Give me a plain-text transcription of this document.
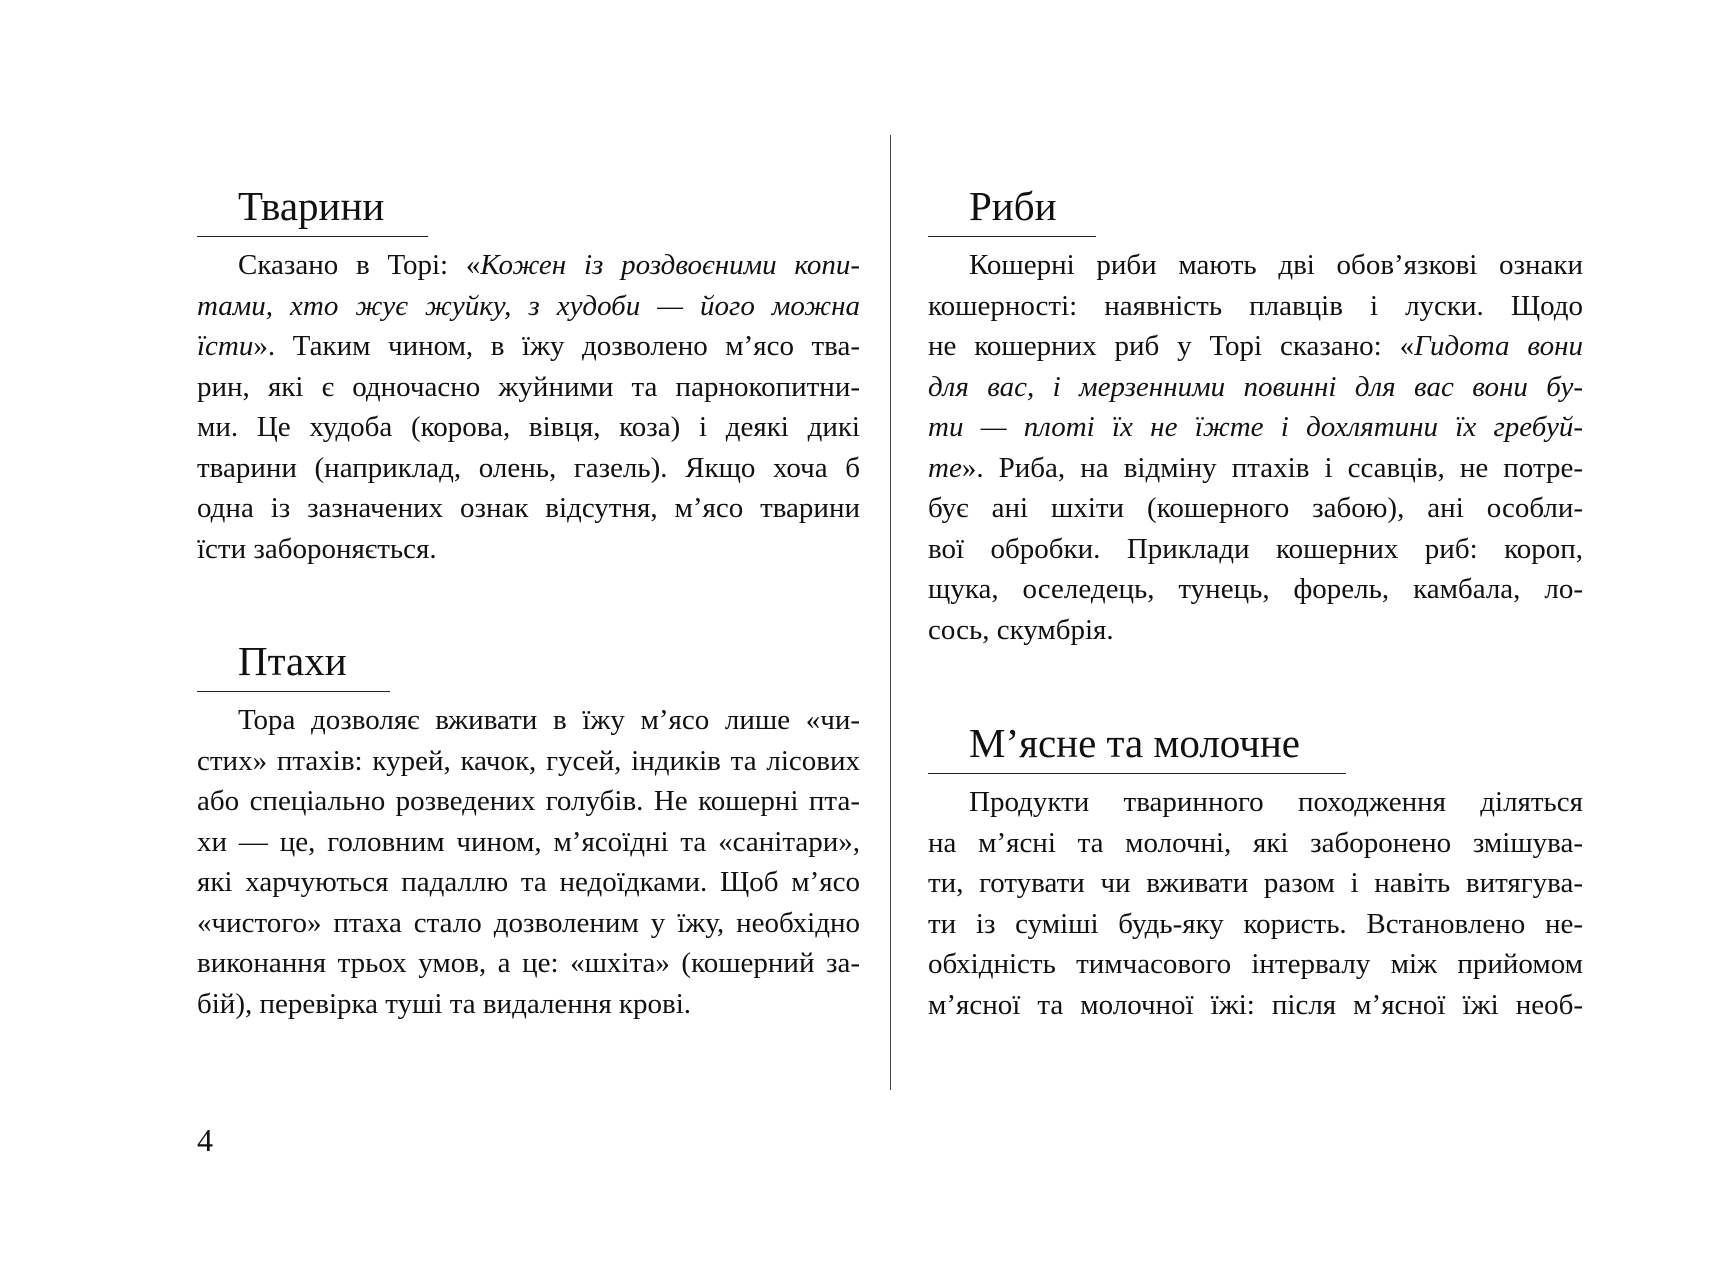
Тварини
Сказано в Торі: «Кожен із роздвоєними копи-
тами, хто жує жуйку, з худоби — його можна
їсти». Таким чином, в їжу дозволено м’ясо тва-
рин, які є одночасно жуйними та парнокопитни-
ми. Це худоба (корова, вівця, коза) і деякі дикі
тварини (наприклад, олень, газель). Якщо хоча б
одна із зазначених ознак відсутня, м’ясо тварини
їсти забороняється.
Птахи
Тора дозволяє вживати в їжу м’ясо лише «чи-
стих» птахів: курей, качок, гусей, індиків та лісових
або спеціально розведених голубів. Не кошерні пта-
хи — це, головним чином, м’ясоїдні та «санітари»,
які харчуються падаллю та недоїдками. Щоб м’ясо
«чистого» птаха стало дозволеним у їжу, необхідно
виконання трьох умов, а це: «шхіта» (кошерний за-
бій), перевірка туші та видалення крові.
Риби
Кошерні риби мають дві обов’язкові ознаки
кошерності: наявність плавців і луски. Щодо
не кошерних риб у Торі сказано: «Гидота вони
для вас, і мерзенними повинні для вас вони бу-
ти — плоті їх не їжте і дохлятини їх гребуй-
те». Риба, на відміну птахів і ссавців, не потре-
бує ані шхіти (кошерного забою), ані особли-
вої обробки. Приклади кошерних риб: короп,
щука, оселедець, тунець, форель, камбала, ло-
сось, скумбрія.
М’ясне та молочне
Продукти тваринного походження діляться
на м’ясні та молочні, які заборонено змішува-
ти, готувати чи вживати разом і навіть витягува-
ти із суміші будь-яку користь. Встановлено не-
обхідність тимчасового інтервалу між прийомом
м’ясної та молочної їжі: після м’ясної їжі необ-
4
